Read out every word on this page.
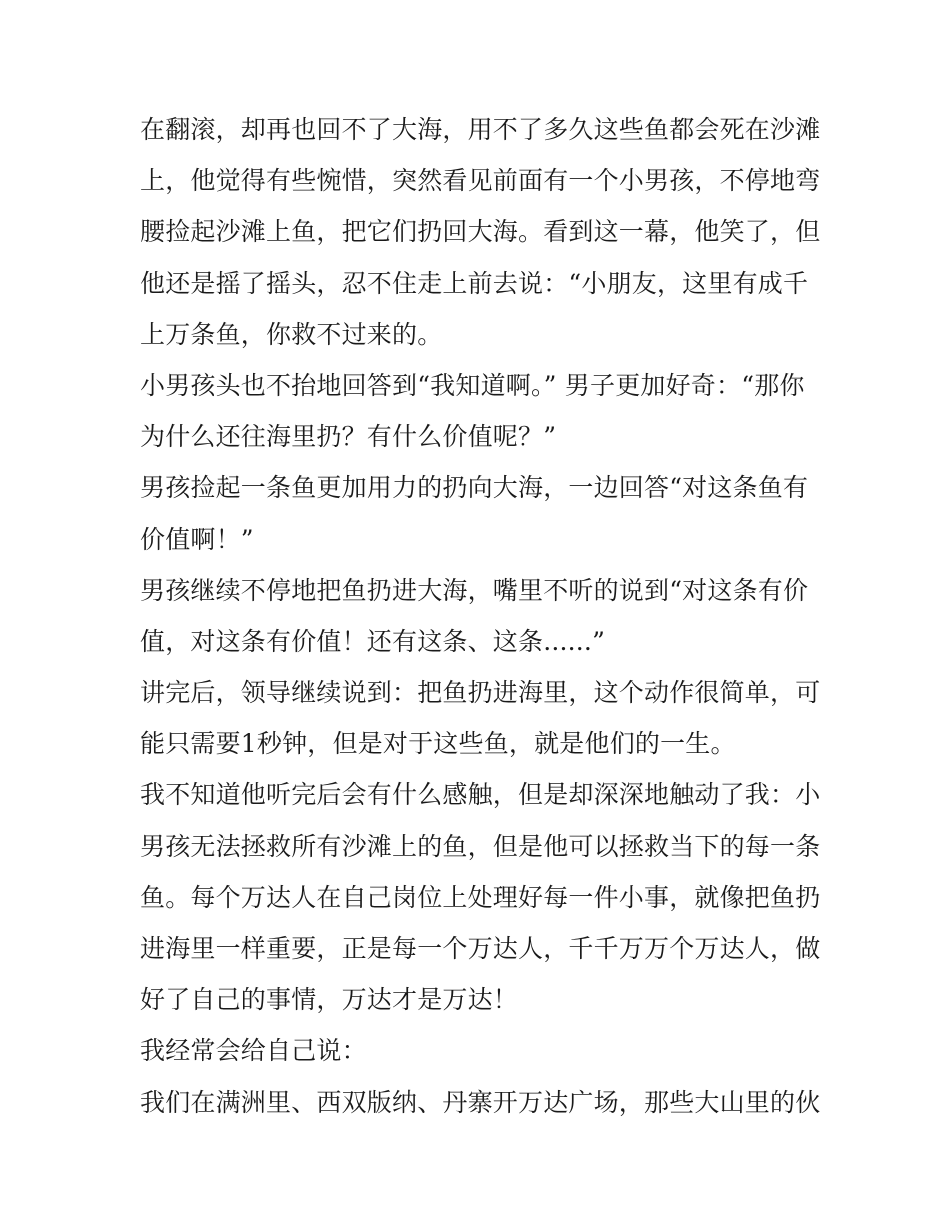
在翻滚，却再也回不了大海，用不了多久这些鱼都会死在沙滩
上，他觉得有些惋惜，突然看见前面有一个小男孩，不停地弯
腰捡起沙滩上鱼，把它们扔回大海。看到这一幕，他笑了，但
他还是摇了摇头，忍不住走上前去说：“小朋友，这里有成千
上万条鱼，你救不过来的。
小男孩头也不抬地回答到“我知道啊。” 男子更加好奇：“那你
为什么还往海里扔？有什么价值呢？”
男孩捡起一条鱼更加用力的扔向大海，一边回答“对这条鱼有
价值啊！”
男孩继续不停地把鱼扔进大海，嘴里不听的说到“对这条有价
值，对这条有价值！还有这条、这条......”
讲完后，领导继续说到：把鱼扔进海里，这个动作很简单，可
能只需要1秒钟，但是对于这些鱼，就是他们的一生。
我不知道他听完后会有什么感触，但是却深深地触动了我：小
男孩无法拯救所有沙滩上的鱼，但是他可以拯救当下的每一条
鱼。每个万达人在自己岗位上处理好每一件小事，就像把鱼扔
进海里一样重要，正是每一个万达人，千千万万个万达人，做
好了自己的事情，万达才是万达！
我经常会给自己说：
我们在满洲里、西双版纳、丹寨开万达广场，那些大山里的伙
